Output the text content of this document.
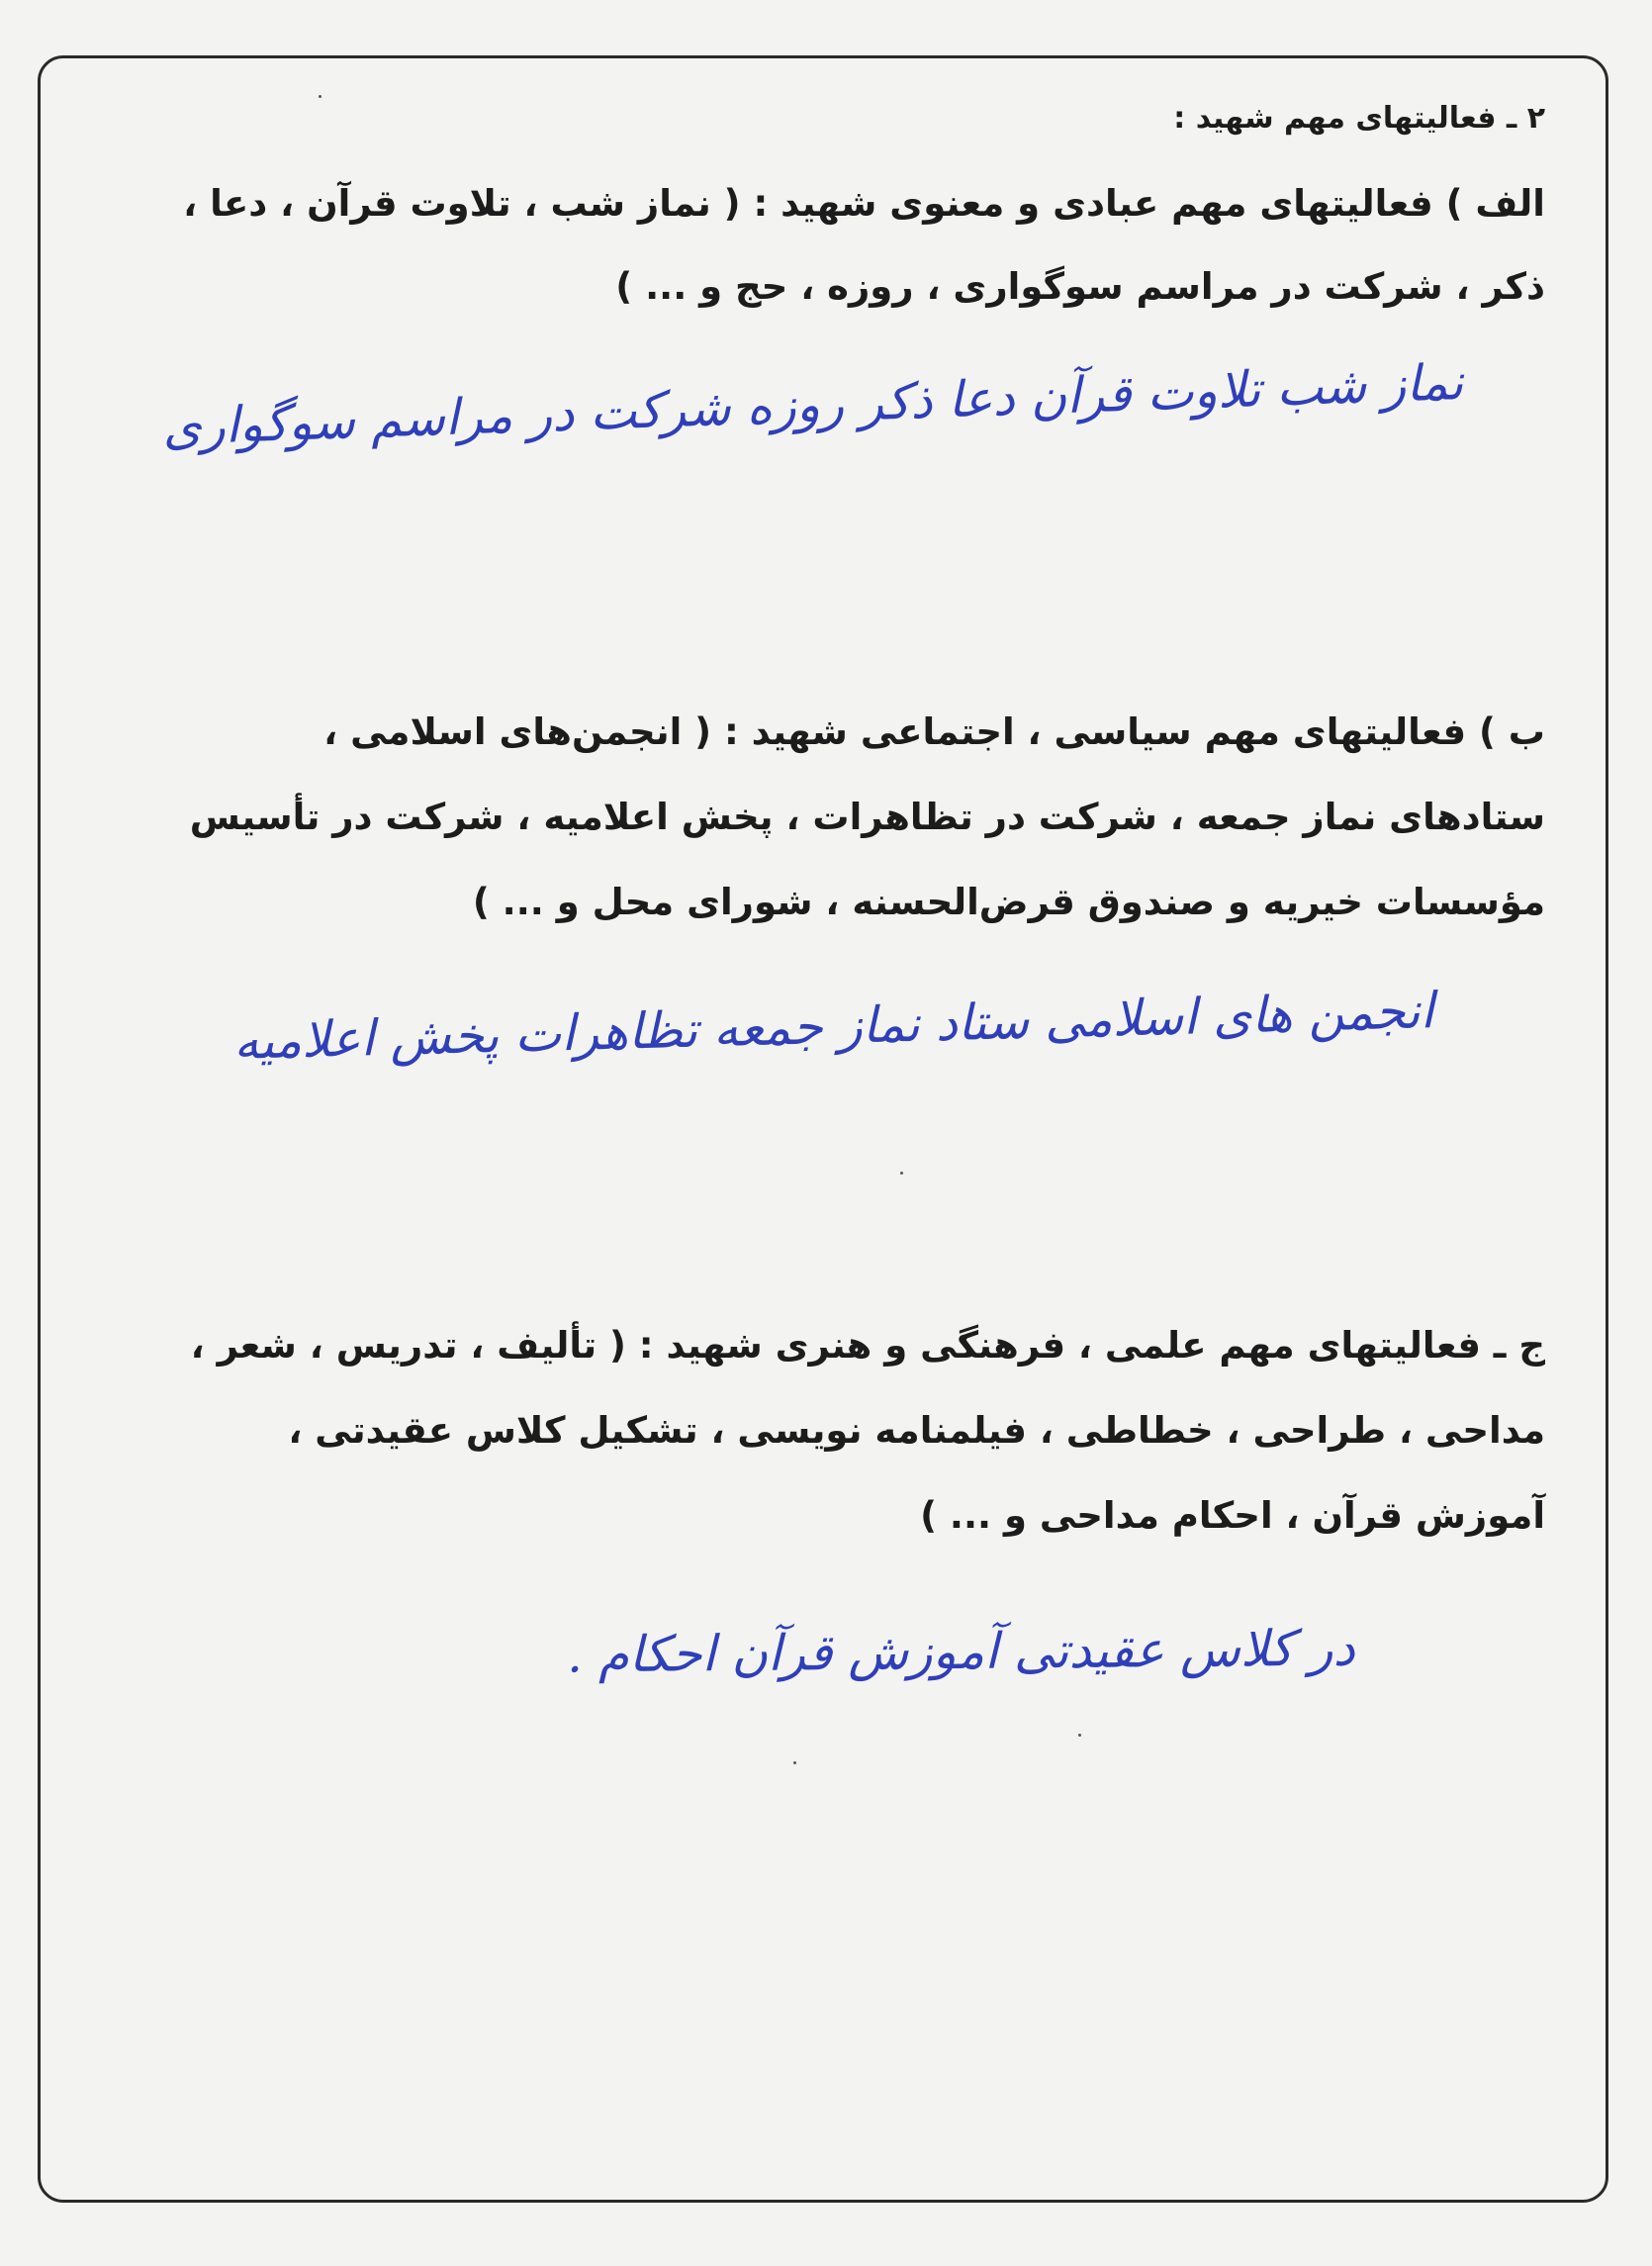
۲ ـ فعالیتهای مهم شهید :
الف ) فعالیتهای مهم عبادی و معنوی شهید : ( نماز شب ، تلاوت قرآن ، دعا ،
ذکر ، شرکت در مراسم سوگواری ، روزه ، حج و ... )
نماز شب تلاوت قرآن دعا ذکر روزه شرکت در مراسم سوگواری
ب ) فعالیتهای مهم سیاسی ، اجتماعی شهید : ( انجمن‌های اسلامی ،
ستادهای نماز جمعه ، شرکت در تظاهرات ، پخش اعلامیه ، شرکت در تأسیس
مؤسسات خیریه و صندوق قرض‌الحسنه ، شورای محل و ... )
انجمن های اسلامی ستاد نماز جمعه تظاهرات پخش اعلامیه
ج ـ فعالیتهای مهم علمی ، فرهنگی و هنری شهید : ( تألیف ، تدریس ، شعر ،
مداحی ، طراحی ، خطاطی ، فیلمنامه نویسی ، تشکیل کلاس عقیدتی ،
آموزش قرآن ، احکام مداحی و ... )
در کلاس عقیدتی آموزش قرآن احکام .
